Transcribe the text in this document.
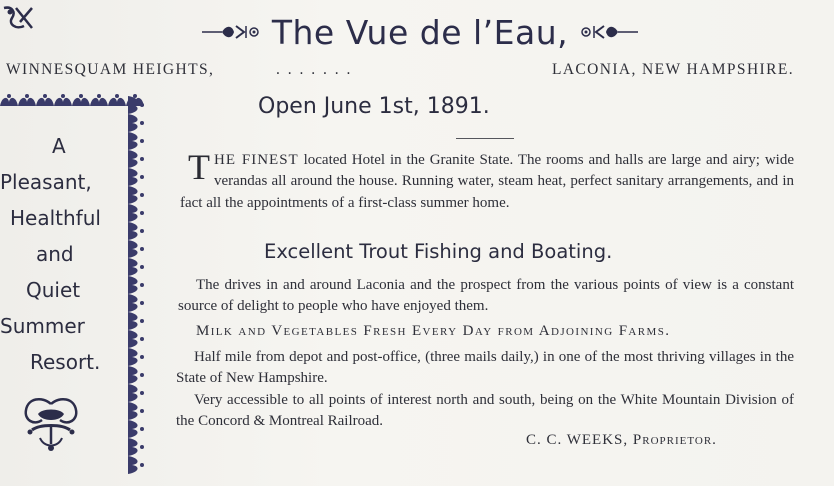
The Vue de l’Eau,
WINNESQUAM HEIGHTS,	. . . . . . .	LACONIA, NEW HAMPSHIRE.
A
Pleasant,
Healthful
and
Quiet
Summer
Resort.
Open June 1st, 1891.
THE FINEST located Hotel in the Granite State. The rooms and halls are large and airy; wide verandas all around the house. Running water, steam heat, perfect sanitary arrangements, and in fact all the appointments of a first-class summer home.
Excellent Trout Fishing and Boating.
The drives in and around Laconia and the prospect from the various points of view is a constant source of delight to people who have enjoyed them.
Milk and Vegetables Fresh Every Day from Adjoining Farms.
Half mile from depot and post-office, (three mails daily,) in one of the most thriving villages in the State of New Hampshire.
Very accessible to all points of interest north and south, being on the White Mountain Division of the Concord & Montreal Railroad.
C. C. WEEKS, Proprietor.
